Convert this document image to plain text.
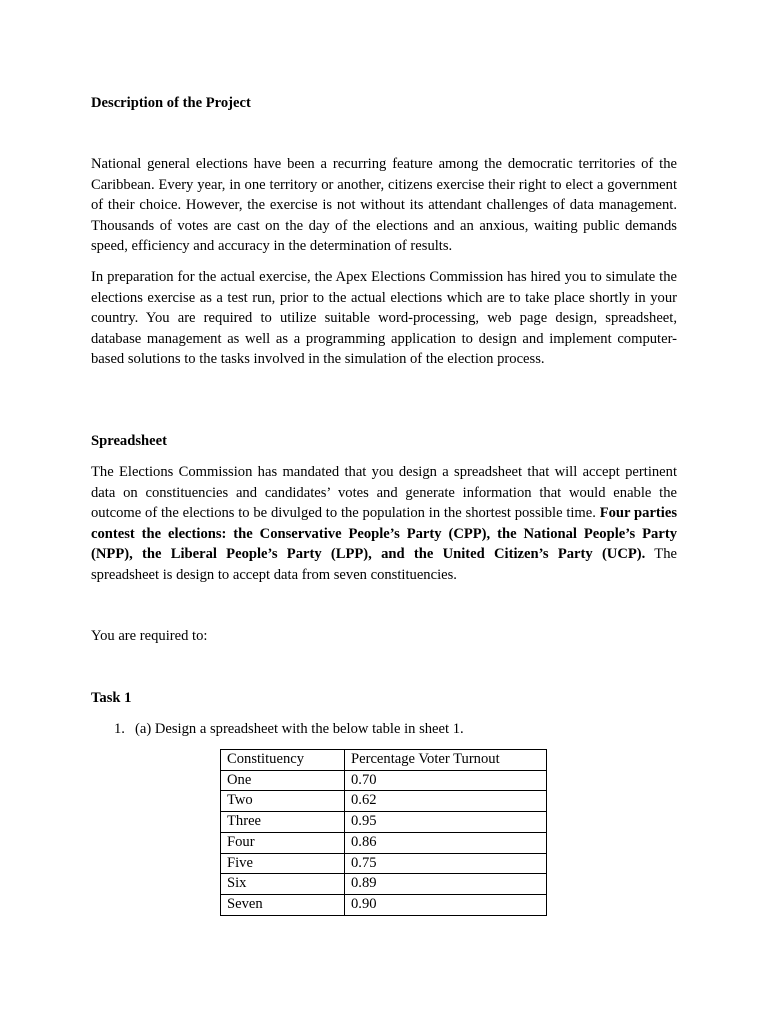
Description of the Project
National general elections have been a recurring feature among the democratic territories of the Caribbean. Every year, in one territory or another, citizens exercise their right to elect a government of their choice. However, the exercise is not without its attendant challenges of data management. Thousands of votes are cast on the day of the elections and an anxious, waiting public demands speed, efficiency and accuracy in the determination of results.
In preparation for the actual exercise, the Apex Elections Commission has hired you to simulate the elections exercise as a test run, prior to the actual elections which are to take place shortly in your country. You are required to utilize suitable word-processing, web page design, spreadsheet, database management as well as a programming application to design and implement computer-based solutions to the tasks involved in the simulation of the election process.
Spreadsheet
The Elections Commission has mandated that you design a spreadsheet that will accept pertinent data on constituencies and candidates’ votes and generate information that would enable the outcome of the elections to be divulged to the population in the shortest possible time. Four parties contest the elections: the Conservative People’s Party (CPP), the National People’s Party (NPP), the Liberal People’s Party (LPP), and the United Citizen’s Party (UCP). The spreadsheet is design to accept data from seven constituencies.
You are required to:
Task 1
1. (a) Design a spreadsheet with the below table in sheet 1.
Constituency	Percentage Voter Turnout
One	0.70
Two	0.62
Three	0.95
Four	0.86
Five	0.75
Six	0.89
Seven	0.90
